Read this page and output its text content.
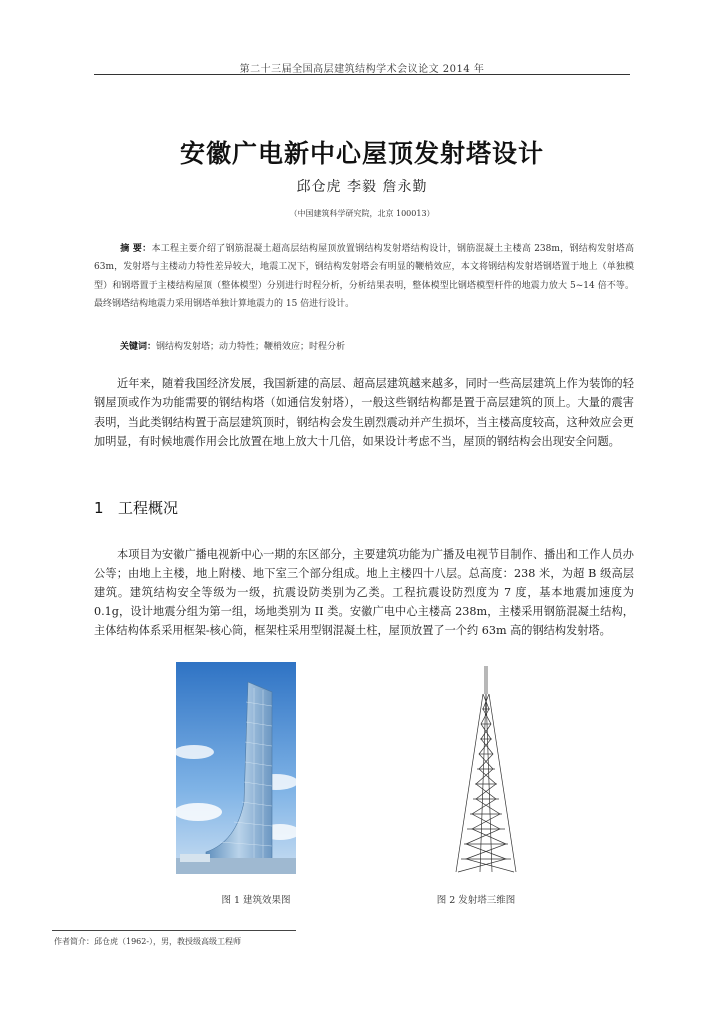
第二十三届全国高层建筑结构学术会议论文 2014 年
安徽广电新中心屋顶发射塔设计
邱仓虎 李毅 詹永勤
（中国建筑科学研究院，北京 100013）
摘 要：本工程主要介绍了钢筋混凝土超高层结构屋顶放置钢结构发射塔结构设计，钢筋混凝土主楼高 238m，钢结构发射塔高 63m，发射塔与主楼动力特性差异较大，地震工况下，钢结构发射塔会有明显的鞭梢效应，本文将钢结构发射塔钢塔置于地上（单独模型）和钢塔置于主楼结构屋顶（整体模型）分别进行时程分析，分析结果表明，整体模型比钢塔模型杆件的地震力放大 5~14 倍不等。最终钢塔结构地震力采用钢塔单独计算地震力的 15 倍进行设计。
关键词：钢结构发射塔；动力特性；鞭梢效应；时程分析

近年来，随着我国经济发展，我国新建的高层、超高层建筑越来越多，同时一些高层建筑上作为装饰的轻钢屋顶或作为功能需要的钢结构塔（如通信发射塔），一般这些钢结构都是置于高层建筑的顶上。大量的震害表明，当此类钢结构置于高层建筑顶时，钢结构会发生剧烈震动并产生损坏，当主楼高度较高，这种效应会更加明显，有时候地震作用会比放置在地上放大十几倍，如果设计考虑不当，屋顶的钢结构会出现安全问题。

1 工程概况

本项目为安徽广播电视新中心一期的东区部分，主要建筑功能为广播及电视节目制作、播出和工作人员办公等；由地上主楼，地上附楼、地下室三个部分组成。地上主楼四十八层。总高度：238 米，为超 B 级高层建筑。建筑结构安全等级为一级，抗震设防类别为乙类。工程抗震设防烈度为 7 度，基本地震加速度为 0.1g，设计地震分组为第一组，场地类别为 II 类。安徽广电中心主楼高 238m，主楼采用钢筋混凝土结构，主体结构体系采用框架-核心筒，框架柱采用型钢混凝土柱，屋顶放置了一个约 63m 高的钢结构发射塔。

图 1 建筑效果图	图 2 发射塔三维图
作者简介：邱仓虎（1962-），男，教授级高级工程师
